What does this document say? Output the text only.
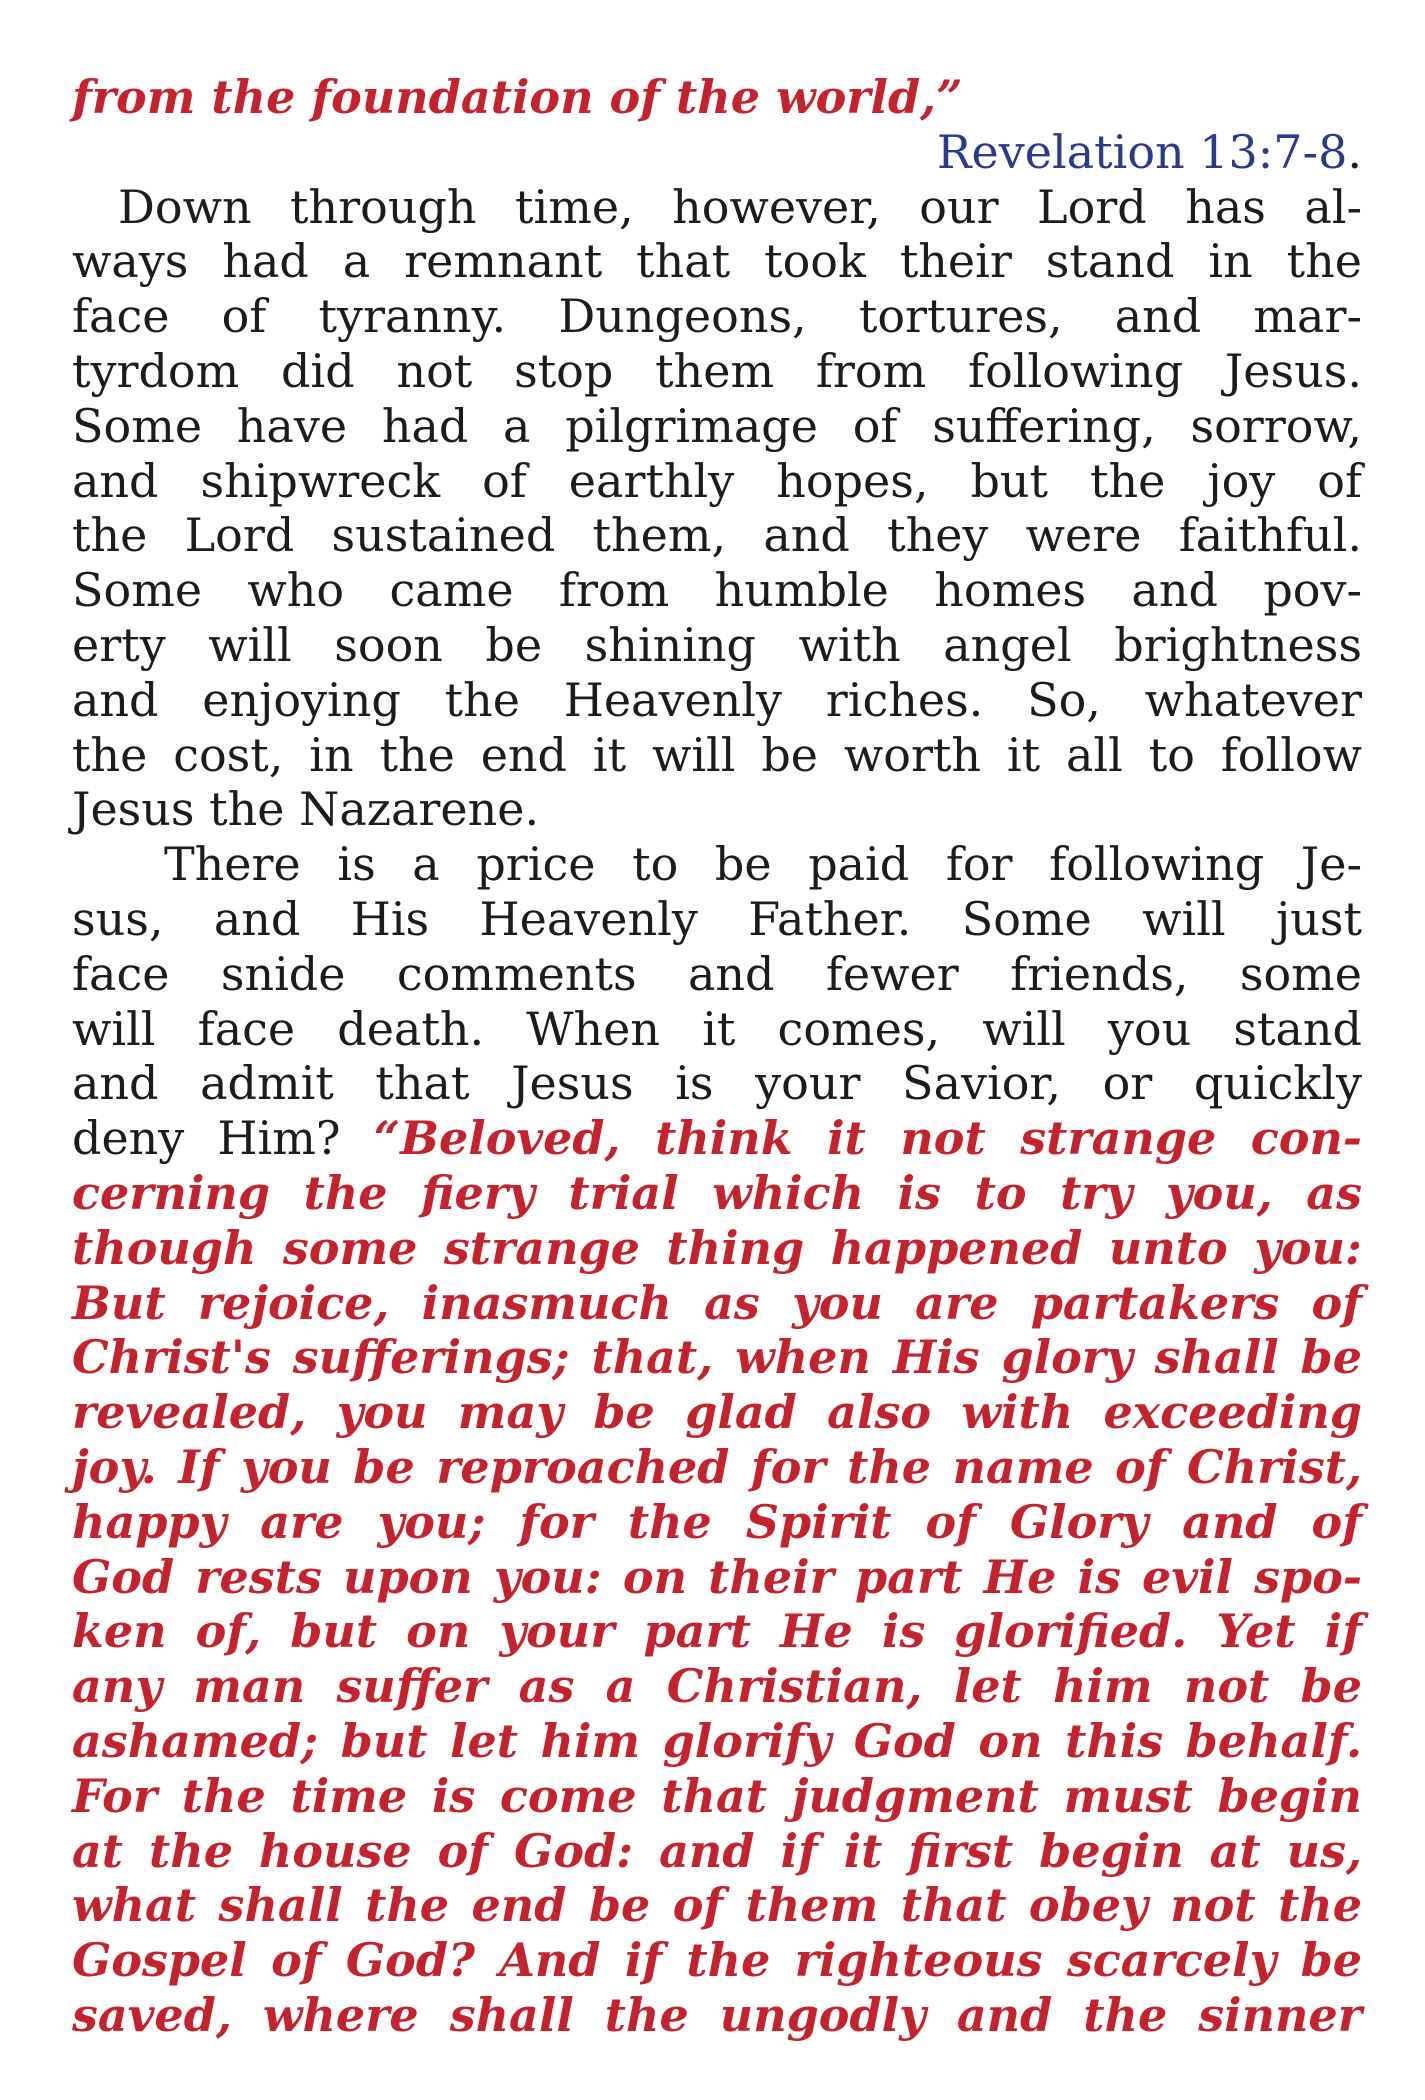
from the foundation of the world,”
Revelation 13:7-8.
Down through time, however, our Lord has al-
ways had a remnant that took their stand in the
face of tyranny. Dungeons, tortures, and mar-
tyrdom did not stop them from following Jesus.
Some have had a pilgrimage of suffering, sorrow,
and shipwreck of earthly hopes, but the joy of
the Lord sustained them, and they were faithful.
Some who came from humble homes and pov-
erty will soon be shining with angel brightness
and enjoying the Heavenly riches. So, whatever
the cost, in the end it will be worth it all to follow
Jesus the Nazarene.
There is a price to be paid for following Je-
sus, and His Heavenly Father. Some will just
face snide comments and fewer friends, some
will face death. When it comes, will you stand
and admit that Jesus is your Savior, or quickly
deny Him? “Beloved, think it not strange con-
cerning the fiery trial which is to try you, as
though some strange thing happened unto you:
But rejoice, inasmuch as you are partakers of
Christ's sufferings; that, when His glory shall be
revealed, you may be glad also with exceeding
joy. If you be reproached for the name of Christ,
happy are you; for the Spirit of Glory and of
God rests upon you: on their part He is evil spo-
ken of, but on your part He is glorified. Yet if
any man suffer as a Christian, let him not be
ashamed; but let him glorify God on this behalf.
For the time is come that judgment must begin
at the house of God: and if it first begin at us,
what shall the end be of them that obey not the
Gospel of God? And if the righteous scarcely be
saved, where shall the ungodly and the sinner
